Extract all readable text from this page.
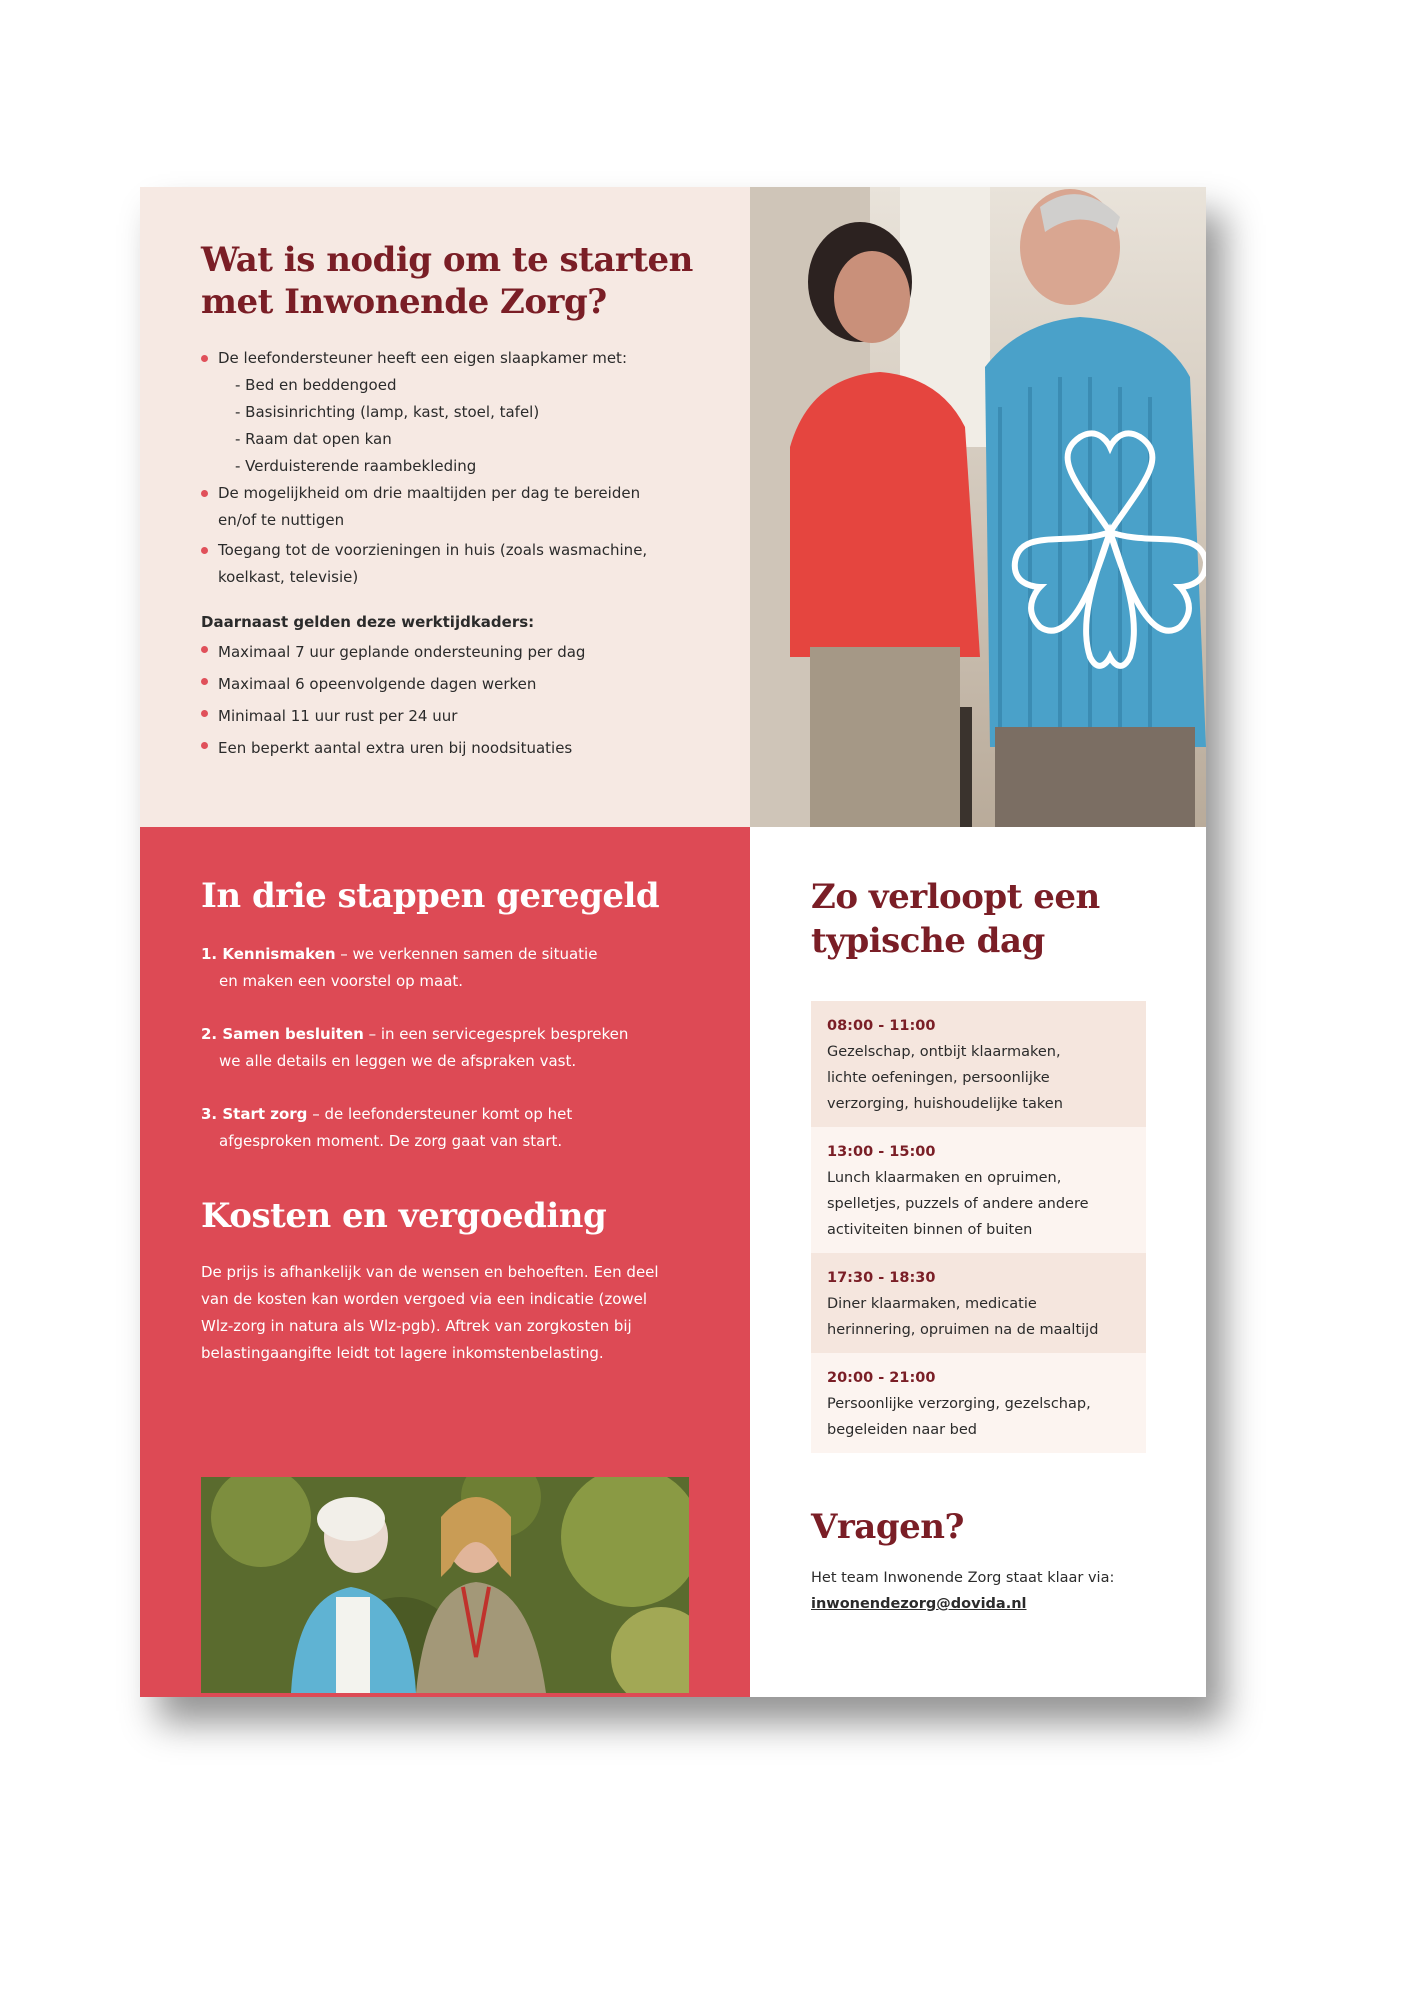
Wat is nodig om te starten met Inwonende Zorg?
De leefondersteuner heeft een eigen slaapkamer met:
- Bed en beddengoed
- Basisinrichting (lamp, kast, stoel, tafel)
- Raam dat open kan
- Verduisterende raambekleding
De mogelijkheid om drie maaltijden per dag te bereiden
en/of te nuttigen
Toegang tot de voorzieningen in huis (zoals wasmachine,
koelkast, televisie)
Daarnaast gelden deze werktijdkaders:
Maximaal 7 uur geplande ondersteuning per dag
Maximaal 6 opeenvolgende dagen werken
Minimaal 11 uur rust per 24 uur
Een beperkt aantal extra uren bij noodsituaties
In drie stappen geregeld
1. Kennismaken – we verkennen samen de situatie
en maken een voorstel op maat.
2. Samen besluiten – in een servicegesprek bespreken
we alle details en leggen we de afspraken vast.
3. Start zorg – de leefondersteuner komt op het
afgesproken moment. De zorg gaat van start.
Kosten en vergoeding
De prijs is afhankelijk van de wensen en behoeften. Een deel
van de kosten kan worden vergoed via een indicatie (zowel
Wlz-zorg in natura als Wlz-pgb). Aftrek van zorgkosten bij
belastingaangifte leidt tot lagere inkomstenbelasting.
Zo verloopt een
typische dag
08:00 - 11:00
Gezelschap, ontbijt klaarmaken,
lichte oefeningen, persoonlijke
verzorging, huishoudelijke taken
13:00 - 15:00
Lunch klaarmaken en opruimen,
spelletjes, puzzels of andere andere
activiteiten binnen of buiten
17:30 - 18:30
Diner klaarmaken, medicatie
herinnering, opruimen na de maaltijd
20:00 - 21:00
Persoonlijke verzorging, gezelschap,
begeleiden naar bed
Vragen?

Het team Inwonende Zorg staat klaar via:
inwonendezorg@dovida.nl
